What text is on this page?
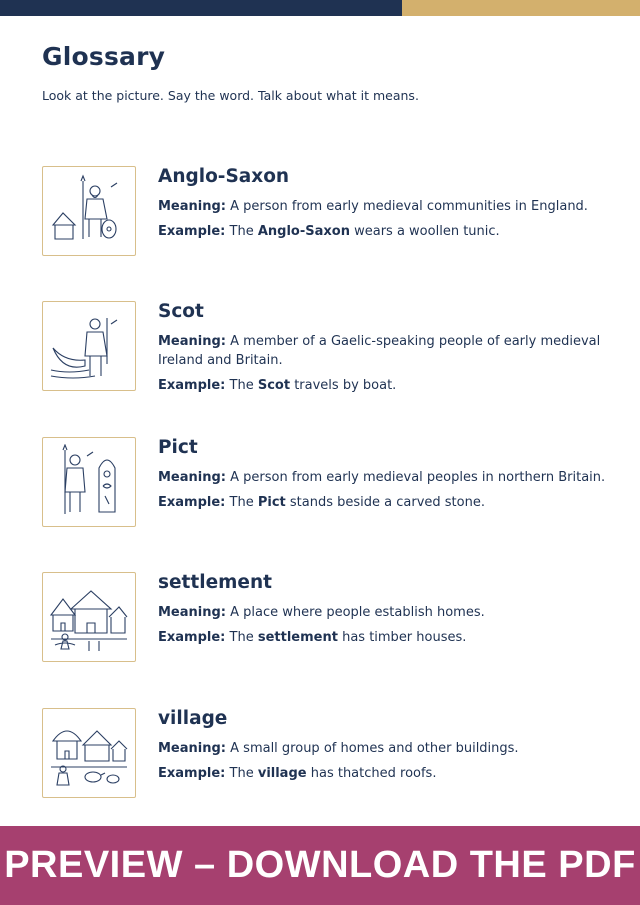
Glossary

Look at the picture. Say the word. Talk about what it means.

Anglo-Saxon
Meaning: A person from early medieval communities in England.
Example: The Anglo-Saxon wears a woollen tunic.
Scot
Meaning: A member of a Gaelic-speaking people of early medieval Ireland and Britain.
Example: The Scot travels by boat.
Pict
Meaning: A person from early medieval peoples in northern Britain.
Example: The Pict stands beside a carved stone.
settlement
Meaning: A place where people establish homes.
Example: The settlement has timber houses.
village
Meaning: A small group of homes and other buildings.
Example: The village has thatched roofs.
PREVIEW – DOWNLOAD THE PDF
